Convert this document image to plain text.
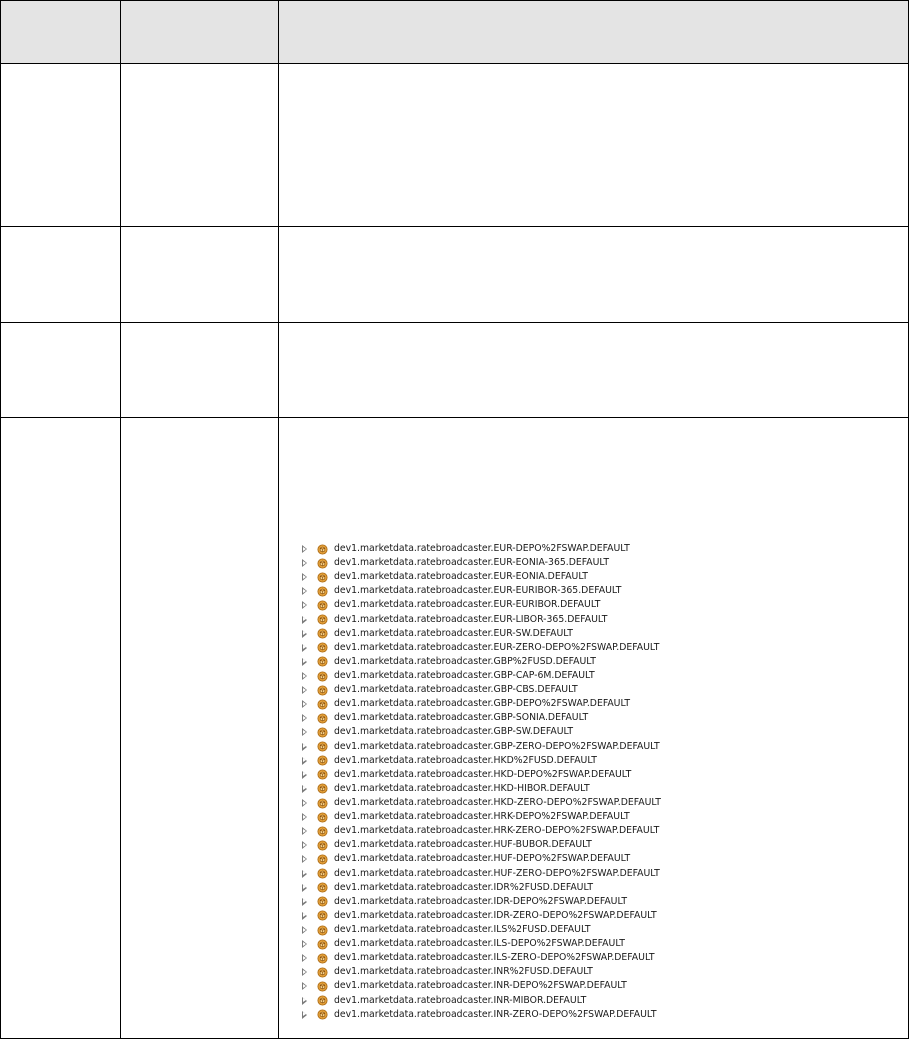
dev1.marketdata.ratebroadcaster.EUR-DEPO%2FSWAP.DEFAULT
dev1.marketdata.ratebroadcaster.EUR-EONIA-365.DEFAULT
dev1.marketdata.ratebroadcaster.EUR-EONIA.DEFAULT
dev1.marketdata.ratebroadcaster.EUR-EURIBOR-365.DEFAULT
dev1.marketdata.ratebroadcaster.EUR-EURIBOR.DEFAULT
dev1.marketdata.ratebroadcaster.EUR-LIBOR-365.DEFAULT
dev1.marketdata.ratebroadcaster.EUR-SW.DEFAULT
dev1.marketdata.ratebroadcaster.EUR-ZERO-DEPO%2FSWAP.DEFAULT
dev1.marketdata.ratebroadcaster.GBP%2FUSD.DEFAULT
dev1.marketdata.ratebroadcaster.GBP-CAP-6M.DEFAULT
dev1.marketdata.ratebroadcaster.GBP-CBS.DEFAULT
dev1.marketdata.ratebroadcaster.GBP-DEPO%2FSWAP.DEFAULT
dev1.marketdata.ratebroadcaster.GBP-SONIA.DEFAULT
dev1.marketdata.ratebroadcaster.GBP-SW.DEFAULT
dev1.marketdata.ratebroadcaster.GBP-ZERO-DEPO%2FSWAP.DEFAULT
dev1.marketdata.ratebroadcaster.HKD%2FUSD.DEFAULT
dev1.marketdata.ratebroadcaster.HKD-DEPO%2FSWAP.DEFAULT
dev1.marketdata.ratebroadcaster.HKD-HIBOR.DEFAULT
dev1.marketdata.ratebroadcaster.HKD-ZERO-DEPO%2FSWAP.DEFAULT
dev1.marketdata.ratebroadcaster.HRK-DEPO%2FSWAP.DEFAULT
dev1.marketdata.ratebroadcaster.HRK-ZERO-DEPO%2FSWAP.DEFAULT
dev1.marketdata.ratebroadcaster.HUF-BUBOR.DEFAULT
dev1.marketdata.ratebroadcaster.HUF-DEPO%2FSWAP.DEFAULT
dev1.marketdata.ratebroadcaster.HUF-ZERO-DEPO%2FSWAP.DEFAULT
dev1.marketdata.ratebroadcaster.IDR%2FUSD.DEFAULT
dev1.marketdata.ratebroadcaster.IDR-DEPO%2FSWAP.DEFAULT
dev1.marketdata.ratebroadcaster.IDR-ZERO-DEPO%2FSWAP.DEFAULT
dev1.marketdata.ratebroadcaster.ILS%2FUSD.DEFAULT
dev1.marketdata.ratebroadcaster.ILS-DEPO%2FSWAP.DEFAULT
dev1.marketdata.ratebroadcaster.ILS-ZERO-DEPO%2FSWAP.DEFAULT
dev1.marketdata.ratebroadcaster.INR%2FUSD.DEFAULT
dev1.marketdata.ratebroadcaster.INR-DEPO%2FSWAP.DEFAULT
dev1.marketdata.ratebroadcaster.INR-MIBOR.DEFAULT
dev1.marketdata.ratebroadcaster.INR-ZERO-DEPO%2FSWAP.DEFAULT
